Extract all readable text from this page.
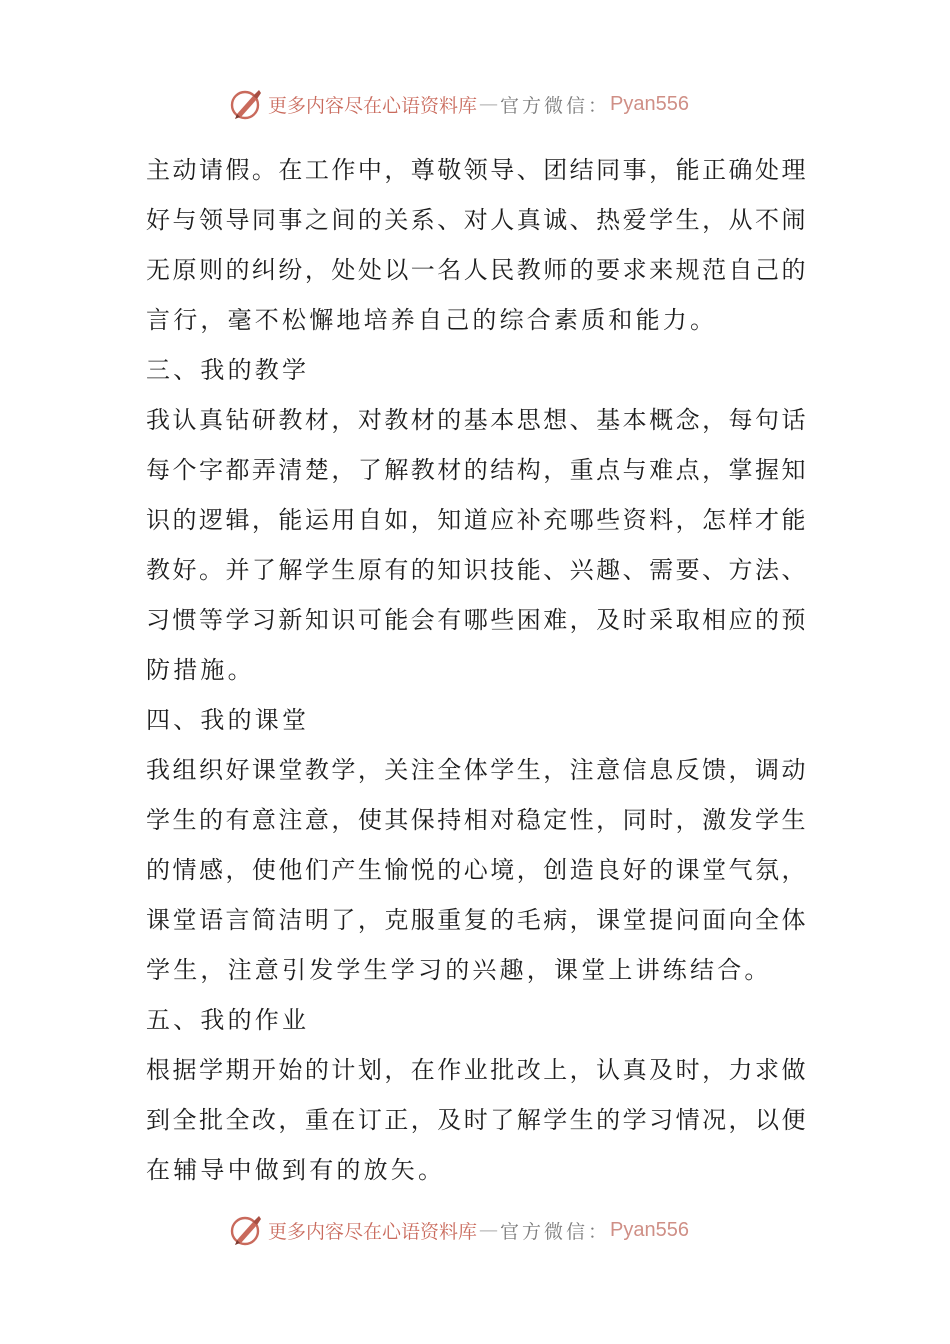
更多内容尽在心语资料库 — 官方微信： Pyan556
主动请假。在工作中，尊敬领导、团结同事，能正确处理
好与领导同事之间的关系、对人真诚、热爱学生，从不闹
无原则的纠纷，处处以一名人民教师的要求来规范自己的
言行，毫不松懈地培养自己的综合素质和能力。
三、我的教学
我认真钻研教材，对教材的基本思想、基本概念，每句话
每个字都弄清楚，了解教材的结构，重点与难点，掌握知
识的逻辑，能运用自如，知道应补充哪些资料，怎样才能
教好。并了解学生原有的知识技能、兴趣、需要、方法、
习惯等学习新知识可能会有哪些困难，及时采取相应的预
防措施。
四、我的课堂
我组织好课堂教学，关注全体学生，注意信息反馈，调动
学生的有意注意，使其保持相对稳定性，同时，激发学生
的情感，使他们产生愉悦的心境，创造良好的课堂气氛，
课堂语言简洁明了，克服重复的毛病，课堂提问面向全体
学生，注意引发学生学习的兴趣，课堂上讲练结合。
五、我的作业
根据学期开始的计划，在作业批改上，认真及时，力求做
到全批全改，重在订正，及时了解学生的学习情况，以便
在辅导中做到有的放矢。
更多内容尽在心语资料库 — 官方微信： Pyan556
